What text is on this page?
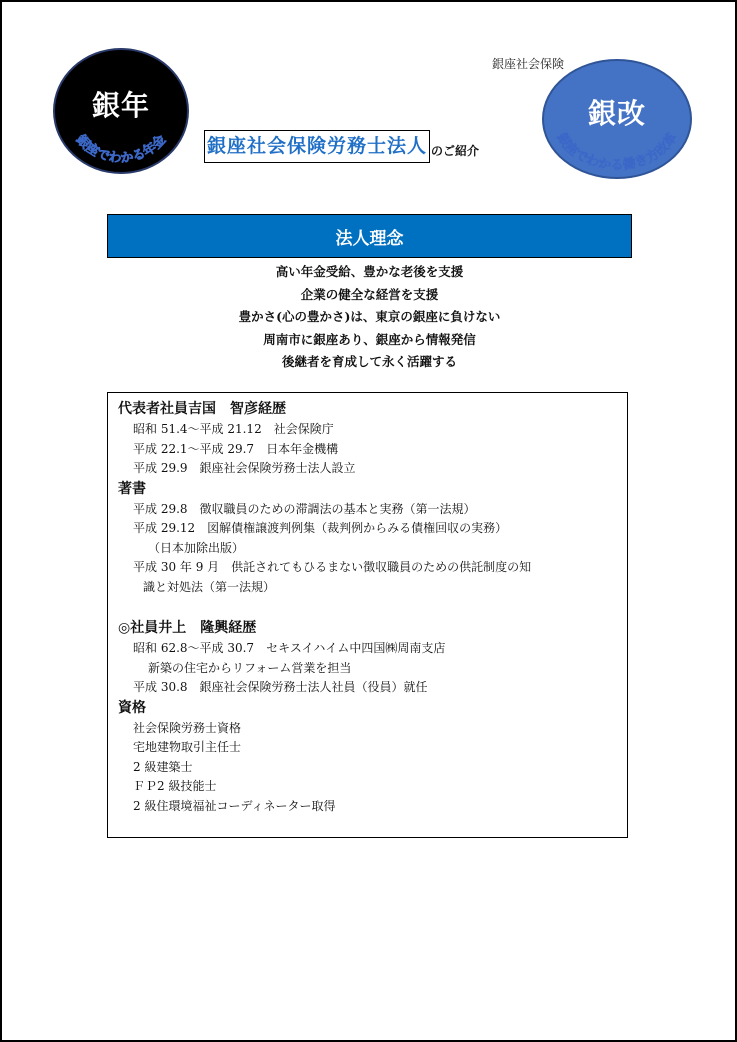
銀年
銀座でわかる年金
銀座社会保険
銀改
銀座でわかる働き方改革
銀座社会保険労務士法人 のご紹介
法人理念
高い年金受給、豊かな老後を支援
企業の健全な経営を支援
豊かさ(心の豊かさ)は、東京の銀座に負けない
周南市に銀座あり、銀座から情報発信
後継者を育成して永く活躍する
代表者社員吉国　智彦経歴
昭和 51.4～平成 21.12　社会保険庁
平成 22.1～平成 29.7　日本年金機構
平成 29.9　銀座社会保険労務士法人設立
著書
平成 29.8　徴収職員のための滞調法の基本と実務（第一法規）
平成 29.12　図解債権譲渡判例集（裁判例からみる債権回収の実務）
（日本加除出版）
平成 30 年 9 月　供託されてもひるまない徴収職員のための供託制度の知
識と対処法（第一法規）
◎社員井上　隆興経歴
昭和 62.8～平成 30.7　セキスイハイム中四国㈱周南支店
新築の住宅からリフォーム営業を担当
平成 30.8　銀座社会保険労務士法人社員（役員）就任
資格
社会保険労務士資格
宅地建物取引主任士
2 級建築士
ＦＰ2 級技能士
2 級住環境福祉コーディネーター取得
